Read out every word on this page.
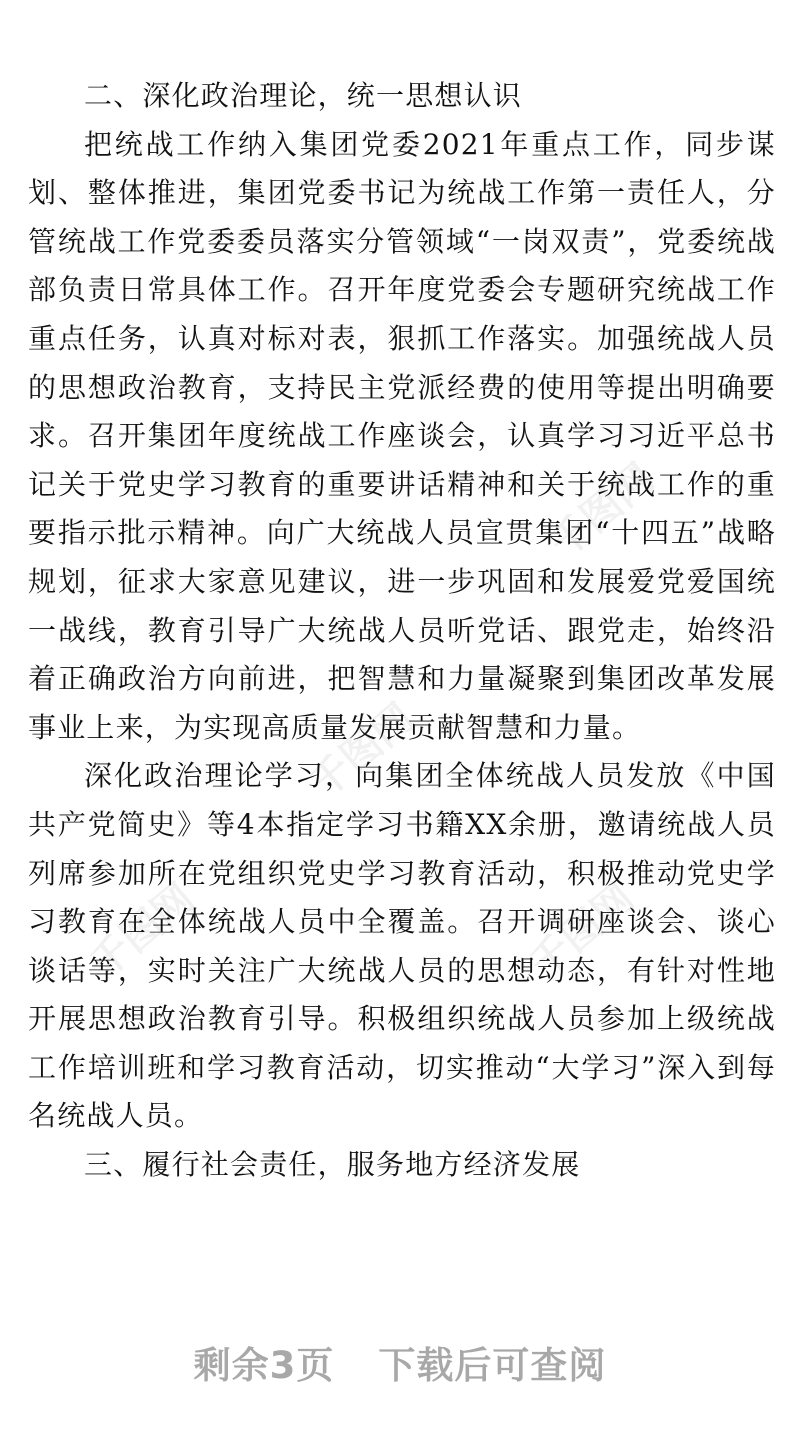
千图网
千图网
千图网	千图网

二、深化政治理论，统一思想认识

把统战工作纳入集团党委2021年重点工作，同步谋划、整体推进，集团党委书记为统战工作第一责任人，分管统战工作党委委员落实分管领域“一岗双责”，党委统战部负责日常具体工作。召开年度党委会专题研究统战工作重点任务，认真对标对表，狠抓工作落实。加强统战人员的思想政治教育，支持民主党派经费的使用等提出明确要求。召开集团年度统战工作座谈会，认真学习习近平总书记关于党史学习教育的重要讲话精神和关于统战工作的重要指示批示精神。向广大统战人员宣贯集团“十四五”战略规划，征求大家意见建议，进一步巩固和发展爱党爱国统一战线，教育引导广大统战人员听党话、跟党走，始终沿着正确政治方向前进，把智慧和力量凝聚到集团改革发展事业上来，为实现高质量发展贡献智慧和力量。

深化政治理论学习，向集团全体统战人员发放《中国共产党简史》等4本指定学习书籍XX余册，邀请统战人员列席参加所在党组织党史学习教育活动，积极推动党史学习教育在全体统战人员中全覆盖。召开调研座谈会、谈心谈话等，实时关注广大统战人员的思想动态，有针对性地开展思想政治教育引导。积极组织统战人员参加上级统战工作培训班和学习教育活动，切实推动“大学习”深入到每名统战人员。

三、履行社会责任，服务地方经济发展

剩余3页 下载后可查阅
